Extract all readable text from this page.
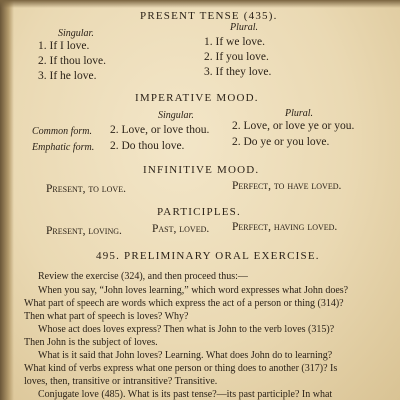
PRESENT TENSE (435).
Singular.
Plural.
1. If I love.
2. If thou love.
3. If he love.
1. If we love.
2. If you love.
3. If they love.
IMPERATIVE MOOD.
Singular.	Plural.
Common form. 2. Love, or love thou. 2. Love, or love ye or you.
Emphatic form. 2. Do thou love.	2. Do ye or you love.
INFINITIVE MOOD.
Present, to love.	Perfect, to have loved.
PARTICIPLES.
Present, loving.	Past, loved. Perfect, having loved.
495. PRELIMINARY ORAL EXERCISE.
Review the exercise (324), and then proceed thus:—
When you say, “John loves learning,” which word expresses what John does?
What part of speech are words which express the act of a person or thing (314)?
Then what part of speech is loves? Why?
Whose act does loves express? Then what is John to the verb loves (315)?
Then John is the subject of loves.
What is it said that John loves? Learning. What does John do to learning?
What kind of verbs express what one person or thing does to another (317)? Is
loves, then, transitive or intransitive? Transitive.
Conjugate love (485). What is its past tense?—its past participle? In what
